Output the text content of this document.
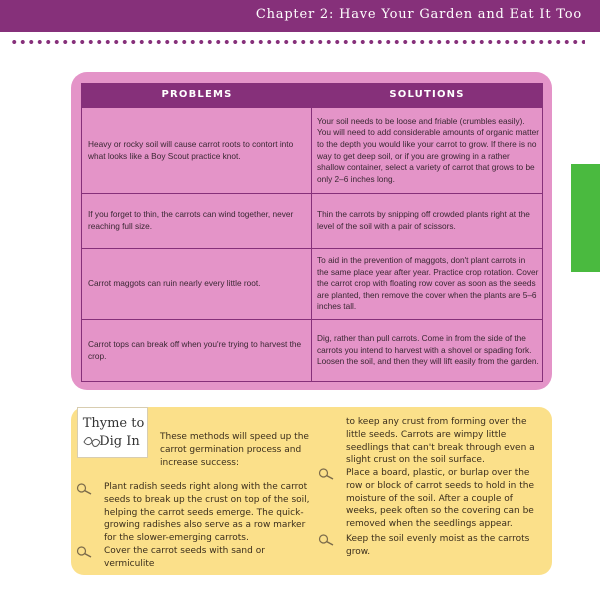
Chapter 2: Have Your Garden and Eat It Too
PROBLEMS	SOLUTIONS
Heavy or rocky soil will cause carrot roots to contort into what looks like a Boy Scout practice knot.
Your soil needs to be loose and friable (crumbles easily). You will need to add considerable amounts of organic matter to the depth you would like your carrot to grow. If there is no way to get deep soil, or if you are growing in a rather shallow container, select a variety of carrot that grows to be only 2–6 inches long.
If you forget to thin, the carrots can wind together, never reaching full size.
Thin the carrots by snipping off crowded plants right at the level of the soil with a pair of scissors.
Carrot maggots can ruin nearly every little root.
To aid in the prevention of maggots, don't plant carrots in the same place year after year. Practice crop rotation. Cover the carrot crop with floating row cover as soon as the seeds are planted, then remove the cover when the plants are 5–6 inches tall.
Carrot tops can break off when you're trying to harvest the crop.
Dig, rather than pull carrots. Come in from the side of the carrots you intend to harvest with a shovel or spading fork. Loosen the soil, and then they will lift easily from the garden.
Thyme to
Dig In	These methods will speed up the carrot germination process and increase success:
Plant radish seeds right along with the carrot seeds to break up the crust on top of the soil, helping the carrot seeds emerge. The quick-growing radishes also serve as a row marker for the slower-emerging carrots.
Cover the carrot seeds with sand or vermiculite
to keep any crust from forming over the little seeds. Carrots are wimpy little seedlings that can't break through even a slight crust on the soil surface.
Place a board, plastic, or burlap over the row or block of carrot seeds to hold in the moisture of the soil. After a couple of weeks, peek often so the covering can be removed when the seedlings appear.
Keep the soil evenly moist as the carrots grow.
